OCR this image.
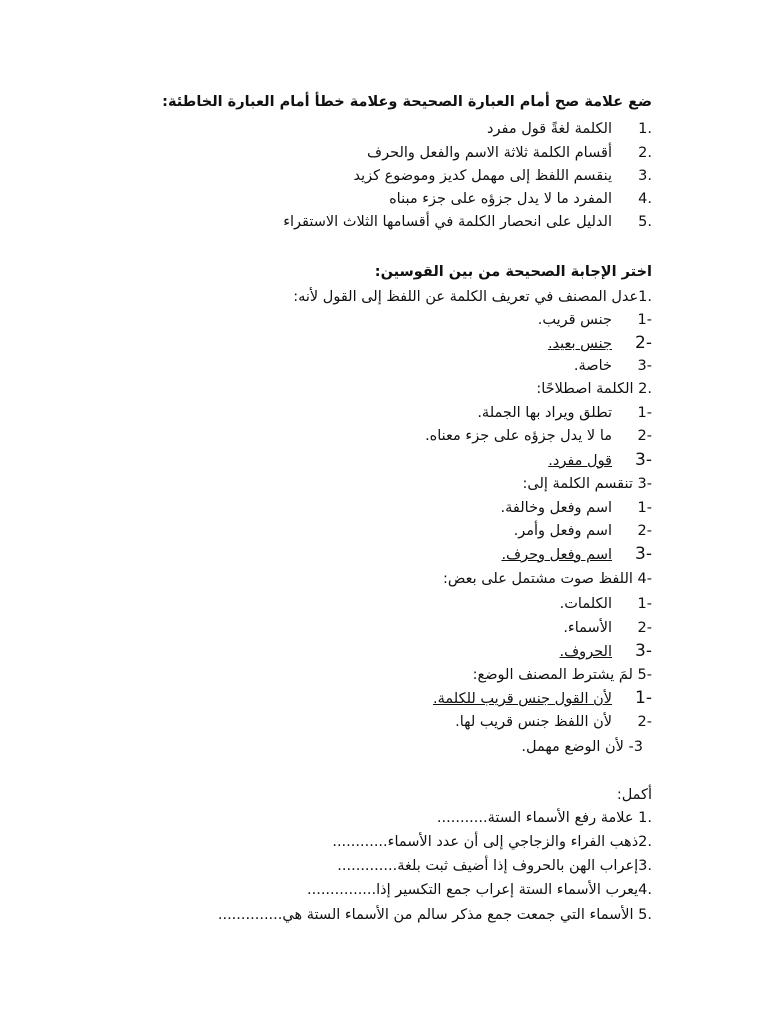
ضع علامة صح أمام العبارة الصحيحة وعلامة خطأ أمام العبارة الخاطئة:
.1الكلمة لغةً قول مفرد
.2أقسام الكلمة ثلاثة الاسم والفعل والحرف
.3ينقسم اللفظ إلى مهمل كديز وموضوع كزيد
.4المفرد ما لا يدل جزؤه على جزء مبناه
.5الدليل على انحصار الكلمة في أقسامها الثلاث الاستقراء
اختر الإجابة الصحيحة من بين القوسين:
.1عدل المصنف في تعريف الكلمة عن اللفظ إلى القول لأنه:
-1جنس قريب.
-2جنس بعيد.
-3خاصة.
.2 الكلمة اصطلاحًا:
-1تطلق ويراد بها الجملة.
-2ما لا يدل جزؤه على جزء معناه.
-3قول مفرد.
-3 تنقسم الكلمة إلى:
-1اسم وفعل وخالفة.
-2اسم وفعل وأمر.
-3اسم وفعل وحرف.
-4 اللفظ صوت مشتمل على بعض:
-1الكلمات.
-2الأسماء.
-3الحروف.
-5 لمَ يشترط المصنف الوضع:
-1لأن القول جنس قريب للكلمة.
-2لأن اللفظ جنس قريب لها.
3- لأن الوضع مهمل.
أكمل:
.1 علامة رفع الأسماء الستة...........
.2ذهب الفراء والزجاجي إلى أن عدد الأسماء............
.3إعراب الهن بالحروف إذا أضيف ثبت بلغة.............
.4يعرب الأسماء الستة إعراب جمع التكسير إذا...............
.5 الأسماء التي جمعت جمع مذكر سالم من الأسماء الستة هي..............
